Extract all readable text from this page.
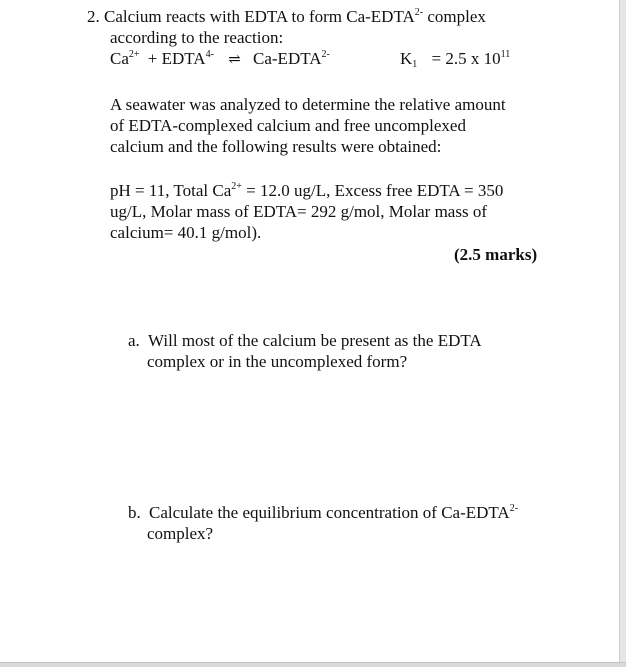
2. Calcium reacts with EDTA to form $Ca-EDTA^{2-}$ complex
according to the reaction:
$Ca^{2+}$ + $EDTA^{4-}$ ⇌ $Ca-EDTA^{2-}$	$K_1 = 2.5$ x $10^{11}$
A seawater was analyzed to determine the relative amount
of EDTA-complexed calcium and free uncomplexed
calcium and the following results were obtained:
pH = 11, Total $Ca^{2+} = 12.0$ ug/L, Excess free EDTA = 350
ug/L, Molar mass of EDTA= 292 g/mol, Molar mass of
calcium= 40.1 g/mol).
(2.5 marks)
a. Will most of the calcium be present as the EDTA
complex or in the uncomplexed form?
b. Calculate the equilibrium concentration of $Ca-EDTA^{2-}$
complex?
